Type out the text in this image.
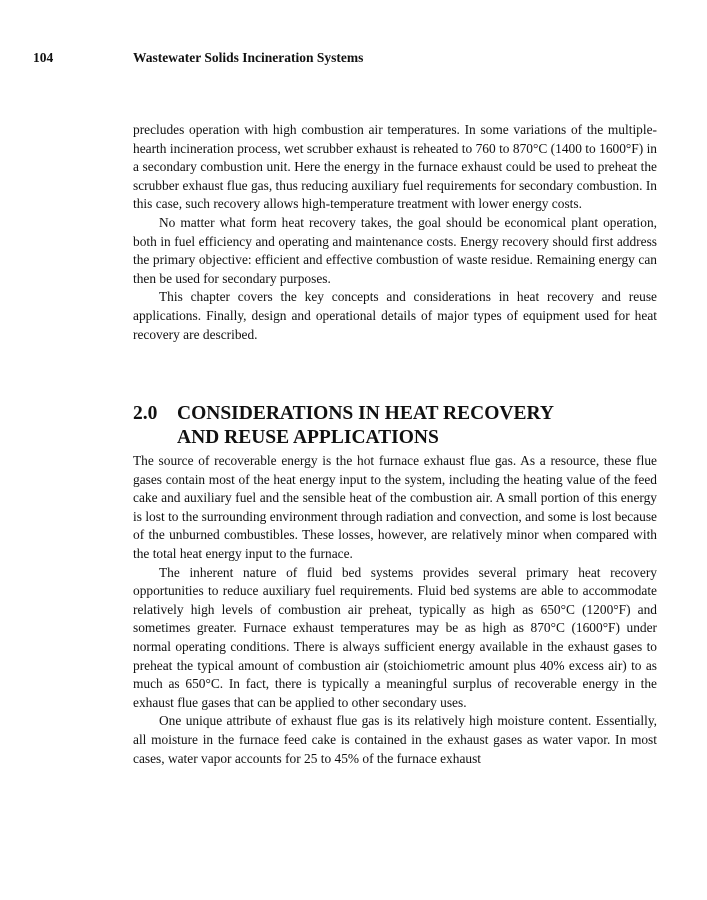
104	Wastewater Solids Incineration Systems

precludes operation with high combustion air temperatures. In some variations of the multiple-hearth incineration process, wet scrubber exhaust is reheated to 760 to 870°C (1400 to 1600°F) in a secondary combustion unit. Here the energy in the furnace exhaust could be used to preheat the scrubber exhaust flue gas, thus reducing auxiliary fuel requirements for secondary combustion. In this case, such recovery allows high-temperature treatment with lower energy costs.

No matter what form heat recovery takes, the goal should be economical plant operation, both in fuel efficiency and operating and maintenance costs. Energy recovery should first address the primary objective: efficient and effective combustion of waste residue. Remaining energy can then be used for secondary purposes.

This chapter covers the key concepts and considerations in heat recovery and reuse applications. Finally, design and operational details of major types of equipment used for heat recovery are described.

2.0 CONSIDERATIONS IN HEAT RECOVERY
AND REUSE APPLICATIONS

The source of recoverable energy is the hot furnace exhaust flue gas. As a resource, these flue gases contain most of the heat energy input to the system, including the heating value of the feed cake and auxiliary fuel and the sensible heat of the combustion air. A small portion of this energy is lost to the surrounding environment through radiation and convection, and some is lost because of the unburned combustibles. These losses, however, are relatively minor when compared with the total heat energy input to the furnace.

The inherent nature of fluid bed systems provides several primary heat recovery opportunities to reduce auxiliary fuel requirements. Fluid bed systems are able to accommodate relatively high levels of combustion air preheat, typically as high as 650°C (1200°F) and sometimes greater. Furnace exhaust temperatures may be as high as 870°C (1600°F) under normal operating conditions. There is always sufficient energy available in the exhaust gases to preheat the typical amount of combustion air (stoichiometric amount plus 40% excess air) to as much as 650°C. In fact, there is typically a meaningful surplus of recoverable energy in the exhaust flue gases that can be applied to other secondary uses.

One unique attribute of exhaust flue gas is its relatively high moisture content. Essentially, all moisture in the furnace feed cake is contained in the exhaust gases as water vapor. In most cases, water vapor accounts for 25 to 45% of the furnace exhaust
